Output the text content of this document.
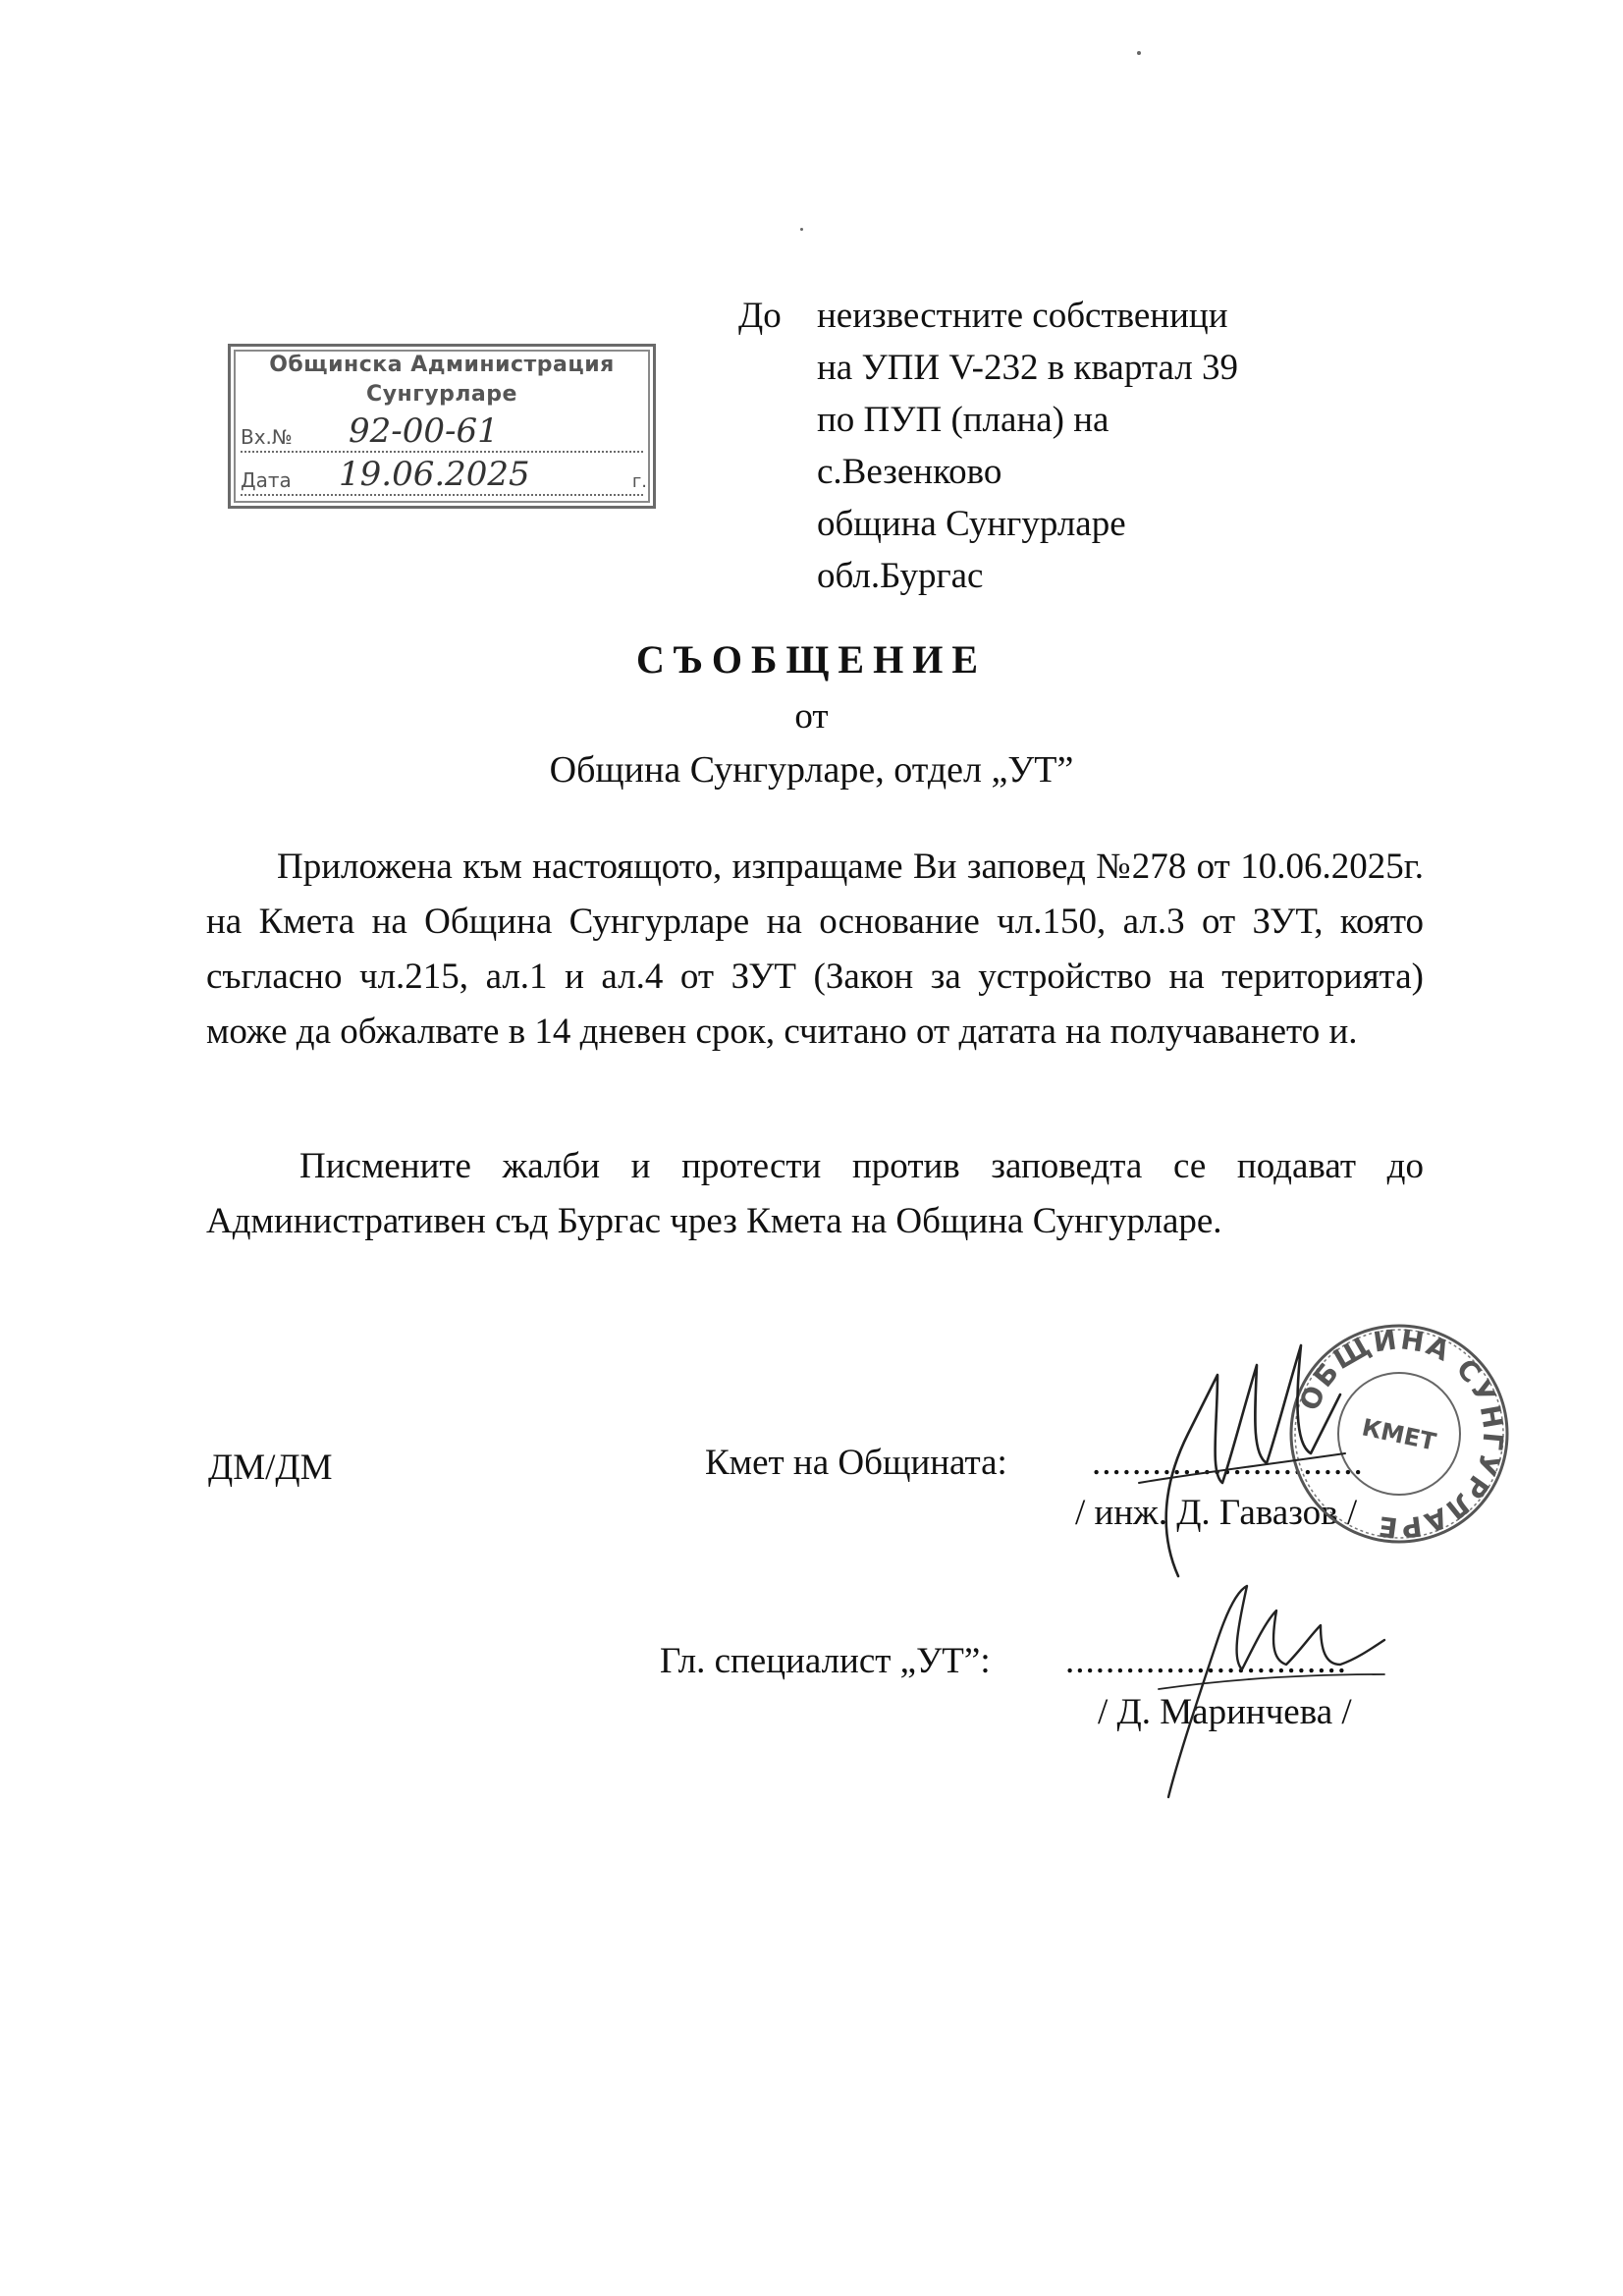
Общинска Администрация
Сунгурларе
Вх.№ 92-00-61
Дата 19.06.2025	г.
До неизвестните собственици
на УПИ V-232 в квартал 39
по ПУП (плана) на
с.Везенково
община Сунгурларе
обл.Бургас
СЪОБЩЕНИЕ
от
Община Сунгурларе, отдел „УТ”
Приложена към настоящото, изпращаме Ви заповед №278 от 10.06.2025г. на Кмета на Община Сунгурларе на основание чл.150, ал.3 от ЗУТ, която съгласно чл.215, ал.1 и ал.4 от ЗУТ (Закон за устройство на територията) може да обжалвате в 14 дневен срок, считано от датата на получаването и.
Писмените жалби и протести против заповедта се подават до Административен съд Бургас чрез Кмета на Община Сунгурларе.
ДМ/ДМ	Кмет на Общината: ...........................
/ инж. Д. Гавазов /
Гл. специалист „УТ”: ............................
/ Д. Маринчева /
ОБЩИНА СУНГУРЛАРЕ
КМЕТ
